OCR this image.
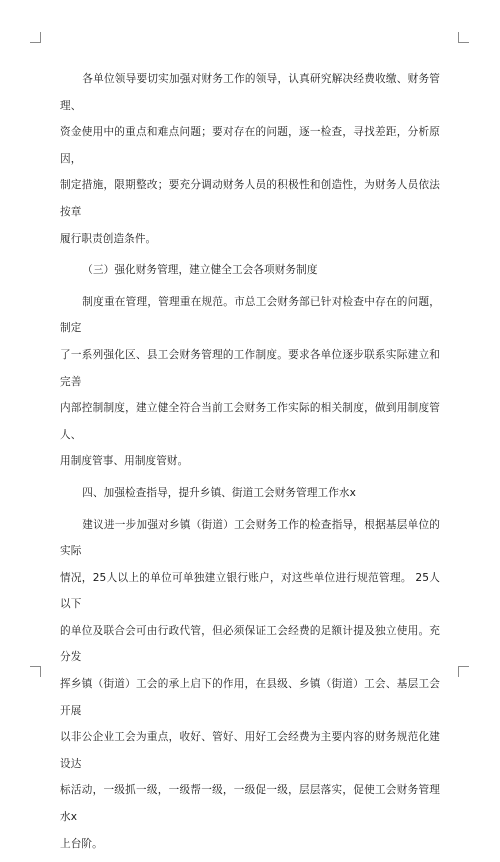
各单位领导要切实加强对财务工作的领导，认真研究解决经费收缴、财务管理、
资金使用中的重点和难点问题；要对存在的问题，逐一检查，寻找差距，分析原因，
制定措施，限期整改；要充分调动财务人员的积极性和创造性，为财务人员依法按章
履行职责创造条件。

（三）强化财务管理，建立健全工会各项财务制度

制度重在管理，管理重在规范。市总工会财务部已针对检查中存在的问题，制定
了一系列强化区、县工会财务管理的工作制度。要求各单位逐步联系实际建立和完善
内部控制制度，建立健全符合当前工会财务工作实际的相关制度，做到用制度管人、
用制度管事、用制度管财。

四、加强检查指导，提升乡镇、街道工会财务管理工作水x

建议进一步加强对乡镇（街道）工会财务工作的检查指导，根据基层单位的实际
情况，25人以上的单位可单独建立银行账户，对这些单位进行规范管理。 25人以下
的单位及联合会可由行政代管，但必须保证工会经费的足额计提及独立使用。充分发
挥乡镇（街道）工会的承上启下的作用，在县级、乡镇（街道）工会、基层工会开展
以非公企业工会为重点，收好、管好、用好工会经费为主要内容的财务规范化建设达
标活动，一级抓一级，一级帮一级，一级促一级，层层落实，促使工会财务管理水x
上台阶。
